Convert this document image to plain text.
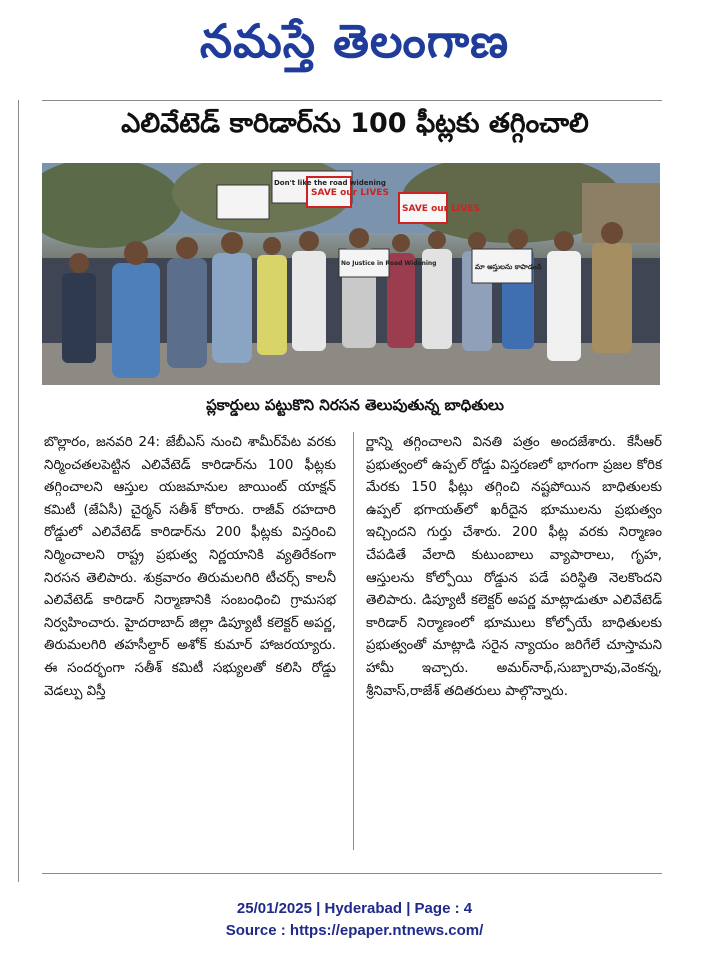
నమస్తే తెలంగాణ
ఎలివేటెడ్ కారిడార్‌ను 100 ఫీట్లకు తగ్గించాలి
Don't like the road widening
SAVE our LIVES
SAVE our LIVES
No Justice in Road Widening	మా ఆస్తులను కాపాడండి
ప్లకార్డులు పట్టుకొని నిరసన తెలుపుతున్న బాధితులు
బొల్లారం, జనవరి 24: జేబీఎస్ నుంచి శామీర్‌పేట వరకు నిర్మించతలపెట్టిన ఎలివేటెడ్ కారిడార్‌ను 100 ఫీట్లకు తగ్గించాలని ఆస్తుల యజమానుల జాయింట్ యాక్షన్ కమిటీ (జేఏసీ) చైర్మన్ సతీశ్ కోరారు. రాజీవ్ రహదారి రోడ్డులో ఎలివేటెడ్ కారిడార్‌ను 200 ఫీట్లకు విస్తరించి నిర్మించాలని రాష్ట్ర ప్రభుత్వ నిర్ణయానికి వ్యతిరేకంగా నిరసన తెలిపారు. శుక్రవారం తిరుమలగిరి టీచర్స్ కాలనీ ఎలివేటెడ్ కారిడార్ నిర్మాణానికి సంబంధించి గ్రామసభ నిర్వహించారు. హైదరాబాద్ జిల్లా డిప్యూటీ కలెక్టర్ అపర్ణ, తిరుమలగిరి తహసీల్దార్ అశోక్ కుమార్ హాజరయ్యారు. ఈ సందర్భంగా సతీశ్ కమిటీ సభ్యులతో కలిసి రోడ్డు వెడల్పు విస్తీ
ర్ణాన్ని తగ్గించాలని వినతి పత్రం అందజేశారు. కేసీఆర్ ప్రభుత్వంలో ఉప్పల్ రోడ్డు విస్తరణలో భాగంగా ప్రజల కోరిక మేరకు 150 ఫీట్లు తగ్గించి నష్టపోయిన బాధితులకు ఉప్పల్ భగాయత్‌లో ఖరీదైన భూములను ప్రభుత్వం ఇచ్చిందని గుర్తు చేశారు. 200 ఫీట్ల వరకు నిర్మాణం చేపడితే వేలాది కుటుంబాలు వ్యాపారాలు, గృహ, ఆస్తులను కోల్పోయి రోడ్డున పడే పరిస్థితి నెలకొందని తెలిపారు. డిప్యూటీ కలెక్టర్ అపర్ణ మాట్లాడుతూ ఎలివేటెడ్ కారిడార్ నిర్మాణంలో భూములు కోల్పోయే బాధితులకు ప్రభుత్వంతో మాట్లాడి సరైన న్యాయం జరిగేలే చూస్తామని హామీ ఇచ్చారు. అమర్‌నాథ్,సుబ్బారావు,వెంకన్న, శ్రీనివాస్,రాజేశ్ తదితరులు పాల్గొన్నారు.
25/01/2025 | Hyderabad | Page : 4
Source : https://epaper.ntnews.com/
